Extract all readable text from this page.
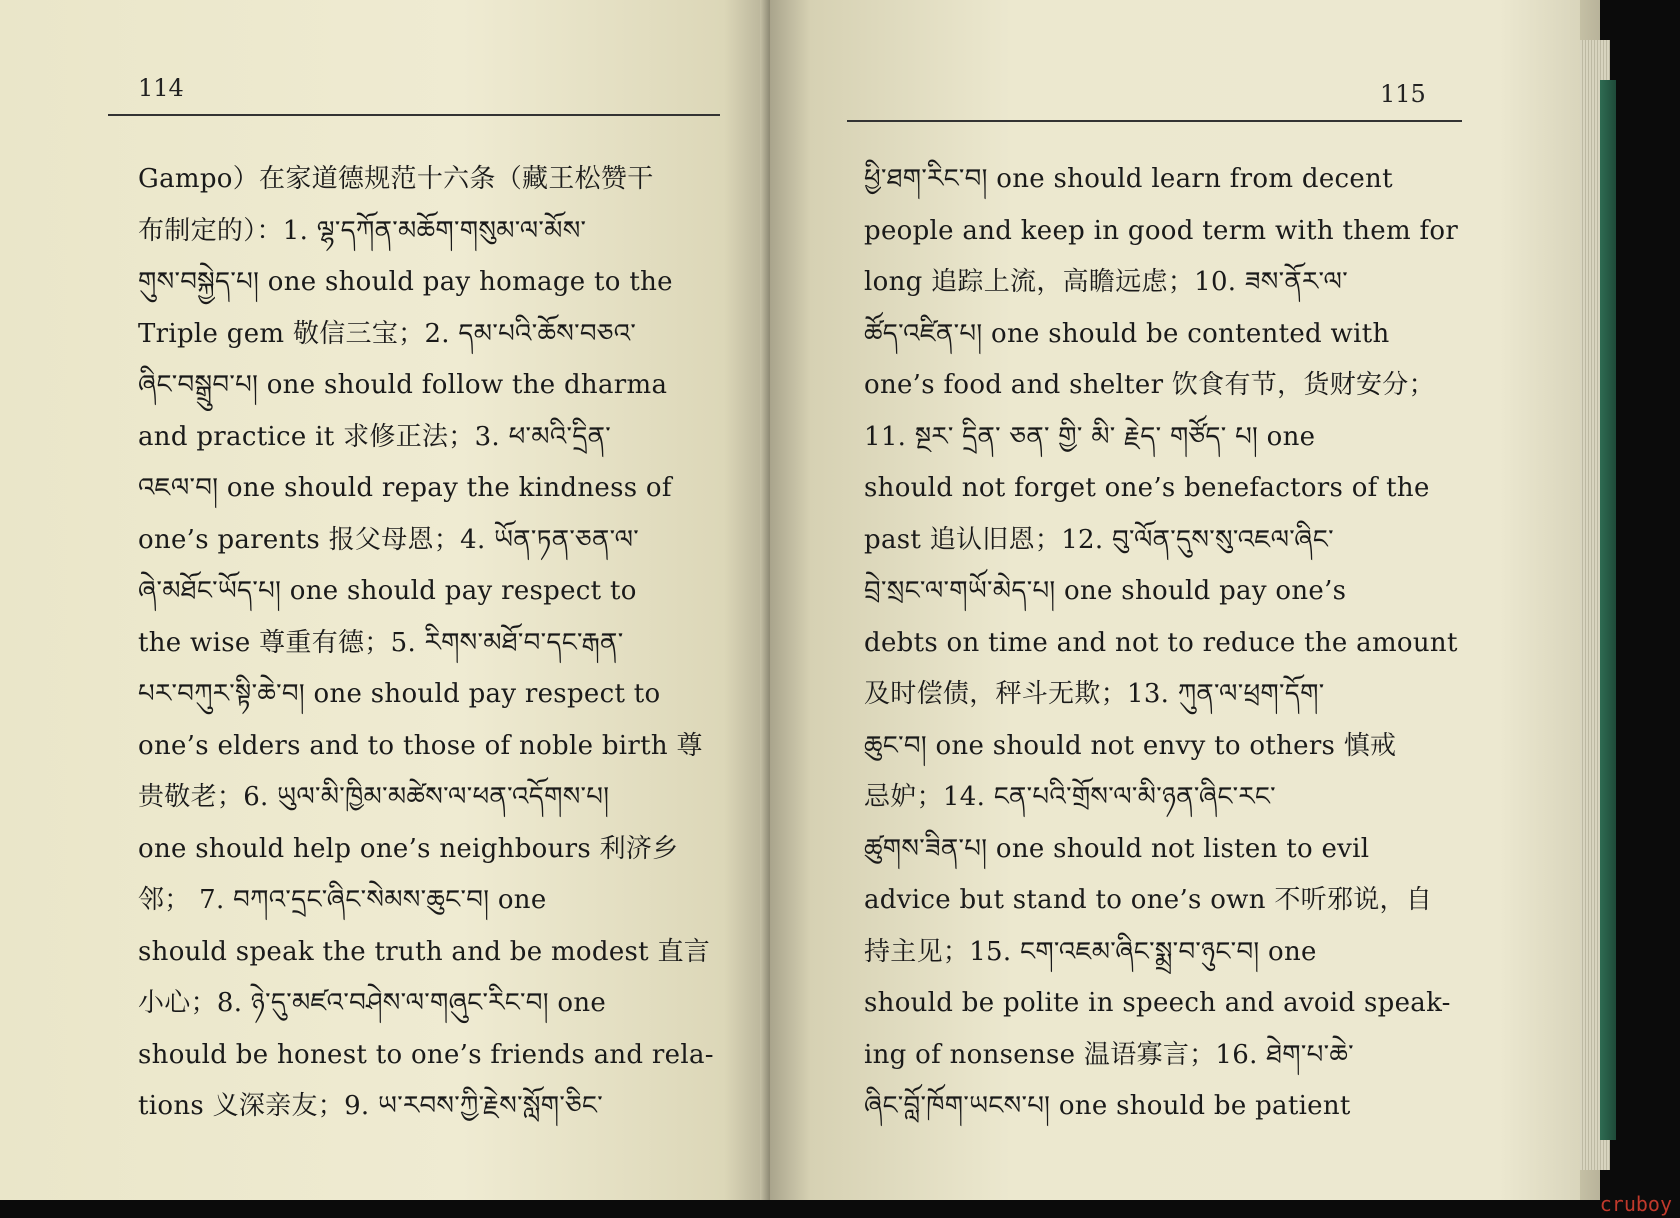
114
Gampo）在家道德规范十六条（藏王松赞干
布制定的）：1. ལྷ་དཀོན་མཆོག་གསུམ་ལ་མོས་
གུས་བསྐྱེད་པ། one should pay homage to the
Triple gem 敬信三宝；2. དམ་པའི་ཆོས་བཅའ་
ཞིང་བསྒྲུབ་པ། one should follow the dharma
and practice it 求修正法；3. ཕ་མའི་དྲིན་
འཇལ་བ། one should repay the kindness of
one’s parents 报父母恩；4. ཡོན་ཏན་ཅན་ལ་
ཞེ་མཐོང་ཡོད་པ། one should pay respect to
the wise 尊重有德；5. རིགས་མཐོ་བ་དང་རྒན་
པར་བཀུར་སྟི་ཆེ་བ། one should pay respect to
one’s elders and to those of noble birth 尊
贵敬老；6. ཡུལ་མི་ཁྱིམ་མཚེས་ལ་ཕན་འདོགས་པ།
one should help one’s neighbours 利济乡
邻； 7. བཀའ་དྲང་ཞིང་སེམས་ཆུང་བ། one
should speak the truth and be modest 直言
小心；8. ཉེ་དུ་མཛའ་བཤེས་ལ་གཞུང་རིང་བ། one
should be honest to one’s friends and rela-
tions 义深亲友；9. ཡ་རབས་ཀྱི་རྗེས་སློག་ཅིང་
115
ཕྱི་ཐག་རིང་བ། one should learn from decent
people and keep in good term with them for
long 追踪上流，高瞻远虑；10. ཟས་ནོར་ལ་
ཚོད་འཛིན་པ། one should be contented with
one’s food and shelter 饮食有节，货财安分；
11. སྔར་ དྲིན་ ཅན་ གྱི་ མི་ རྗེད་ གཙོད་ པ། one
should not forget one’s benefactors of the
past 追认旧恩；12. བུ་ལོན་དུས་སུ་འཇལ་ཞིང་
བྲེ་སྲང་ལ་གཡོ་མེད་པ། one should pay one’s
debts on time and not to reduce the amount
及时偿债，秤斗无欺；13. ཀུན་ལ་ཕྲག་དོག་
ཆུང་བ། one should not envy to others 慎戒
忌妒；14. ངན་པའི་གྲོས་ལ་མི་ཉན་ཞིང་རང་
ཚུགས་ཟིན་པ། one should not listen to evil
advice but stand to one’s own 不听邪说，自
持主见；15. ངག་འཇམ་ཞིང་སྨྲ་བ་ཉུང་བ། one
should be polite in speech and avoid speak-
ing of nonsense 温语寡言；16. ཐེག་པ་ཆེ་
ཞིང་བློ་ཁོག་ཡངས་པ། one should be patient
cruboy
